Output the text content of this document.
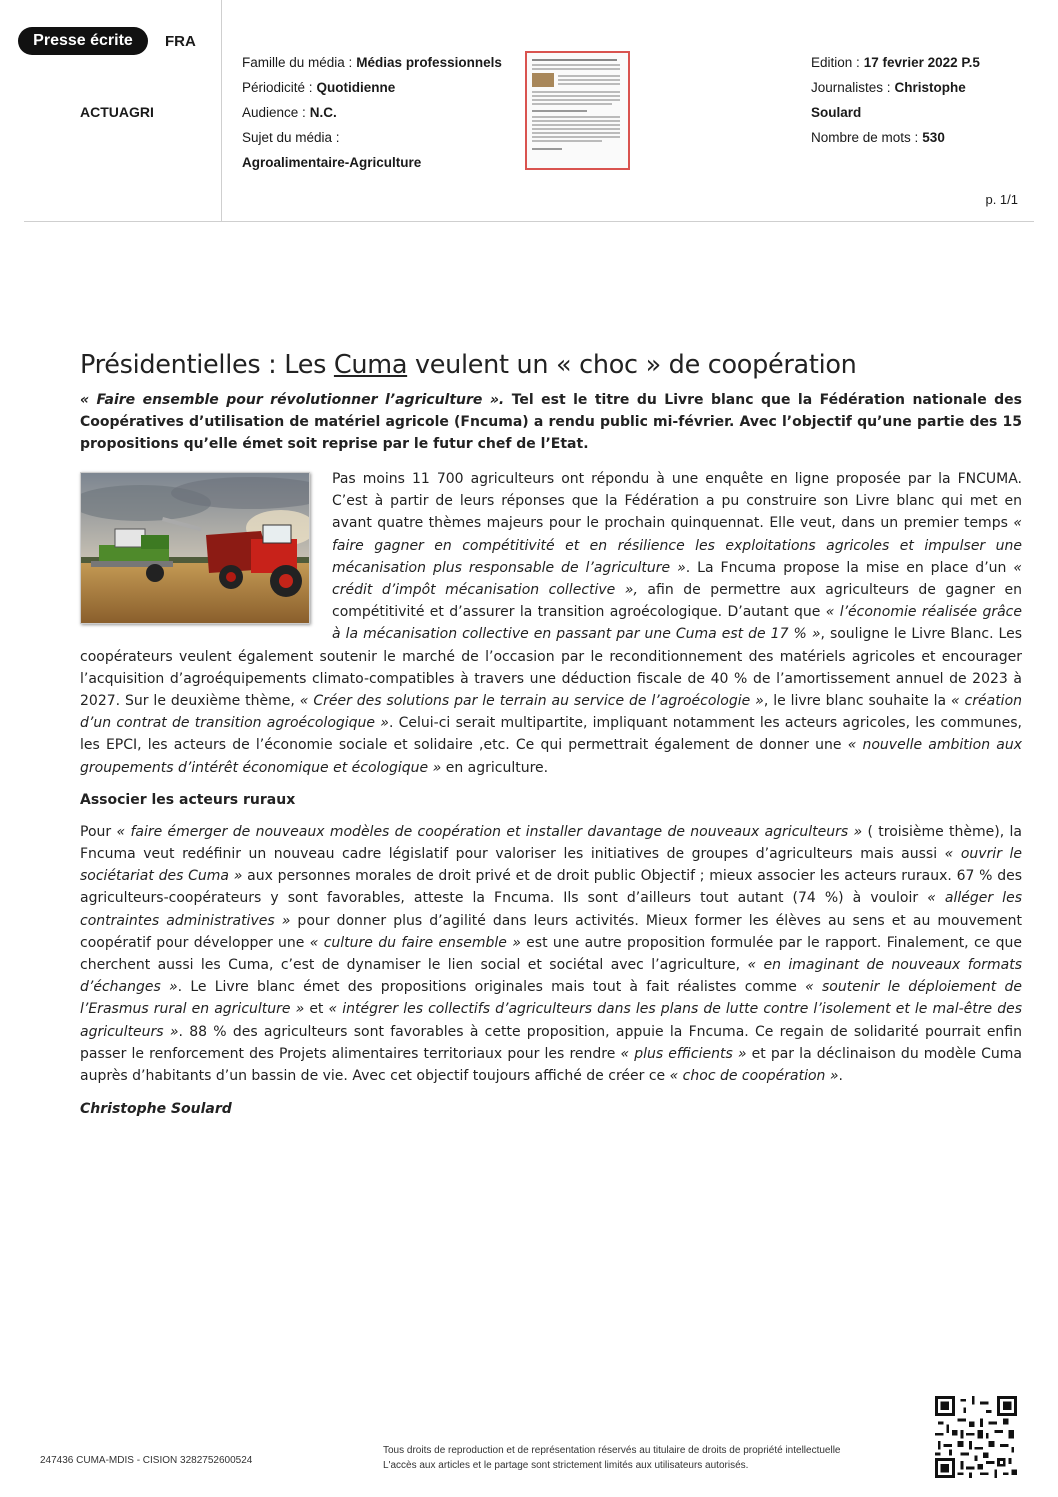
Presse écrite	FRA
ACTUAGRI
Famille du média : Médias professionnels
Périodicité : Quotidienne
Audience : N.C.
Sujet du média :
Agroalimentaire-Agriculture
Edition : 17 fevrier 2022 P.5
Journalistes : Christophe
Soulard
Nombre de mots : 530
p. 1/1
Présidentielles : Les Cuma veulent un « choc » de coopération
« Faire ensemble pour révolutionner l’agriculture ». Tel est le titre du Livre blanc que la Fédération nationale des Coopératives d’utilisation de matériel agricole (Fncuma) a rendu public mi-février. Avec l’objectif qu’une partie des 15 propositions qu’elle émet soit reprise par le futur chef de l’Etat.
Pas moins 11 700 agriculteurs ont répondu à une enquête en ligne proposée par la FNCUMA. C’est à partir de leurs réponses que la Fédération a pu construire son Livre blanc qui met en avant quatre thèmes majeurs pour le prochain quinquennat. Elle veut, dans un premier temps « faire gagner en compétitivité et en résilience les exploitations agricoles et impulser une mécanisation plus responsable de l’agriculture ». La Fncuma propose la mise en place d’un « crédit d’impôt mécanisation collective », afin de permettre aux agriculteurs de gagner en compétitivité et d’assurer la transition agroécologique. D’autant que « l’économie réalisée grâce à la mécanisation collective en passant par une Cuma est de 17 % », souligne le Livre Blanc. Les coopérateurs veulent également soutenir le marché de l’occasion par le reconditionnement des matériels agricoles et encourager l’acquisition d’agroéquipements climato-compatibles à travers une déduction fiscale de 40 % de l’amortissement annuel de 2023 à 2027. Sur le deuxième thème, « Créer des solutions par le terrain au service de l’agroécologie », le livre blanc souhaite la « création d’un contrat de transition agroécologique ». Celui-ci serait multipartite, impliquant notamment les acteurs agricoles, les communes, les EPCI, les acteurs de l’économie sociale et solidaire ,etc. Ce qui permettrait également de donner une « nouvelle ambition aux groupements d’intérêt économique et écologique » en agriculture.
Associer les acteurs ruraux
Pour « faire émerger de nouveaux modèles de coopération et installer davantage de nouveaux agriculteurs » ( troisième thème), la Fncuma veut redéfinir un nouveau cadre législatif pour valoriser les initiatives de groupes d’agriculteurs mais aussi « ouvrir le sociétariat des Cuma » aux personnes morales de droit privé et de droit public Objectif ; mieux associer les acteurs ruraux. 67 % des agriculteurs-coopérateurs y sont favorables, atteste la Fncuma. Ils sont d’ailleurs tout autant (74 %) à vouloir « alléger les contraintes administratives » pour donner plus d’agilité dans leurs activités. Mieux former les élèves au sens et au mouvement coopératif pour développer une « culture du faire ensemble » est une autre proposition formulée par le rapport. Finalement, ce que cherchent aussi les Cuma, c’est de dynamiser le lien social et sociétal avec l’agriculture, « en imaginant de nouveaux formats d’échanges ». Le Livre blanc émet des propositions originales mais tout à fait réalistes comme « soutenir le déploiement de l’Erasmus rural en agriculture » et « intégrer les collectifs d’agriculteurs dans les plans de lutte contre l’isolement et le mal-être des agriculteurs ». 88 % des agriculteurs sont favorables à cette proposition, appuie la Fncuma. Ce regain de solidarité pourrait enfin passer le renforcement des Projets alimentaires territoriaux pour les rendre « plus efficients » et par la déclinaison du modèle Cuma auprès d’habitants d’un bassin de vie. Avec cet objectif toujours affiché de créer ce « choc de coopération ».
Christophe Soulard
247436 CUMA-MDIS - CISION 3282752600524
Tous droits de reproduction et de représentation réservés au titulaire de droits de propriété intellectuelle
L'accès aux articles et le partage sont strictement limités aux utilisateurs autorisés.
